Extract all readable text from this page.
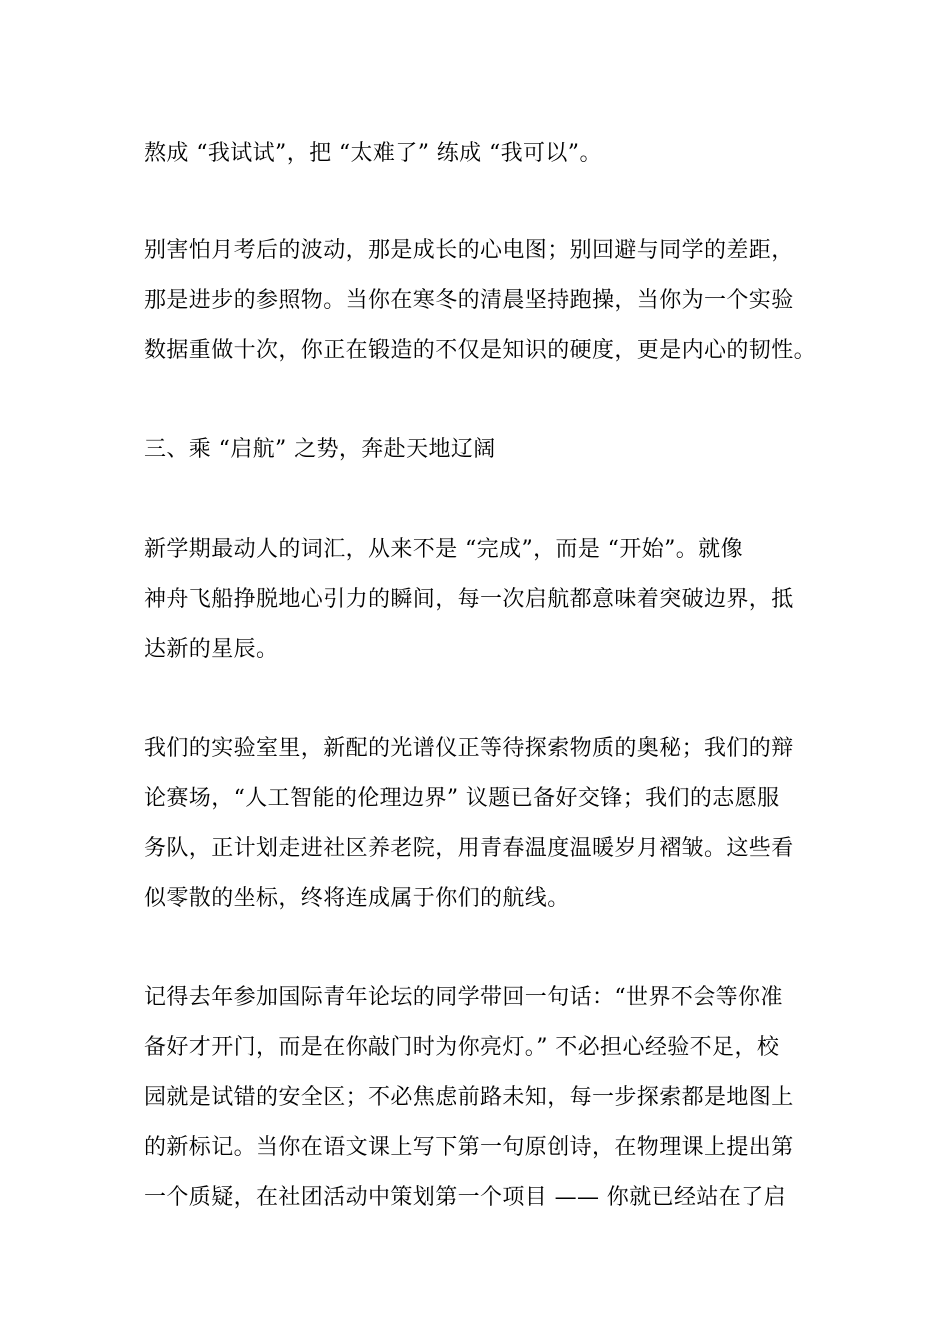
熬成 “我试试”，把 “太难了” 练成 “我可以”。
别害怕月考后的波动，那是成长的心电图；别回避与同学的差距，
那是进步的参照物。当你在寒冬的清晨坚持跑操，当你为一个实验
数据重做十次，你正在锻造的不仅是知识的硬度，更是内心的韧性。
三、乘 “启航” 之势，奔赴天地辽阔
新学期最动人的词汇，从来不是 “完成”，而是 “开始”。就像
神舟飞船挣脱地心引力的瞬间，每一次启航都意味着突破边界，抵
达新的星辰。
我们的实验室里，新配的光谱仪正等待探索物质的奥秘；我们的辩
论赛场，“人工智能的伦理边界” 议题已备好交锋；我们的志愿服
务队，正计划走进社区养老院，用青春温度温暖岁月褶皱。这些看
似零散的坐标，终将连成属于你们的航线。
记得去年参加国际青年论坛的同学带回一句话：“世界不会等你准
备好才开门，而是在你敲门时为你亮灯。” 不必担心经验不足，校
园就是试错的安全区；不必焦虑前路未知，每一步探索都是地图上
的新标记。当你在语文课上写下第一句原创诗，在物理课上提出第
一个质疑，在社团活动中策划第一个项目 —— 你就已经站在了启
